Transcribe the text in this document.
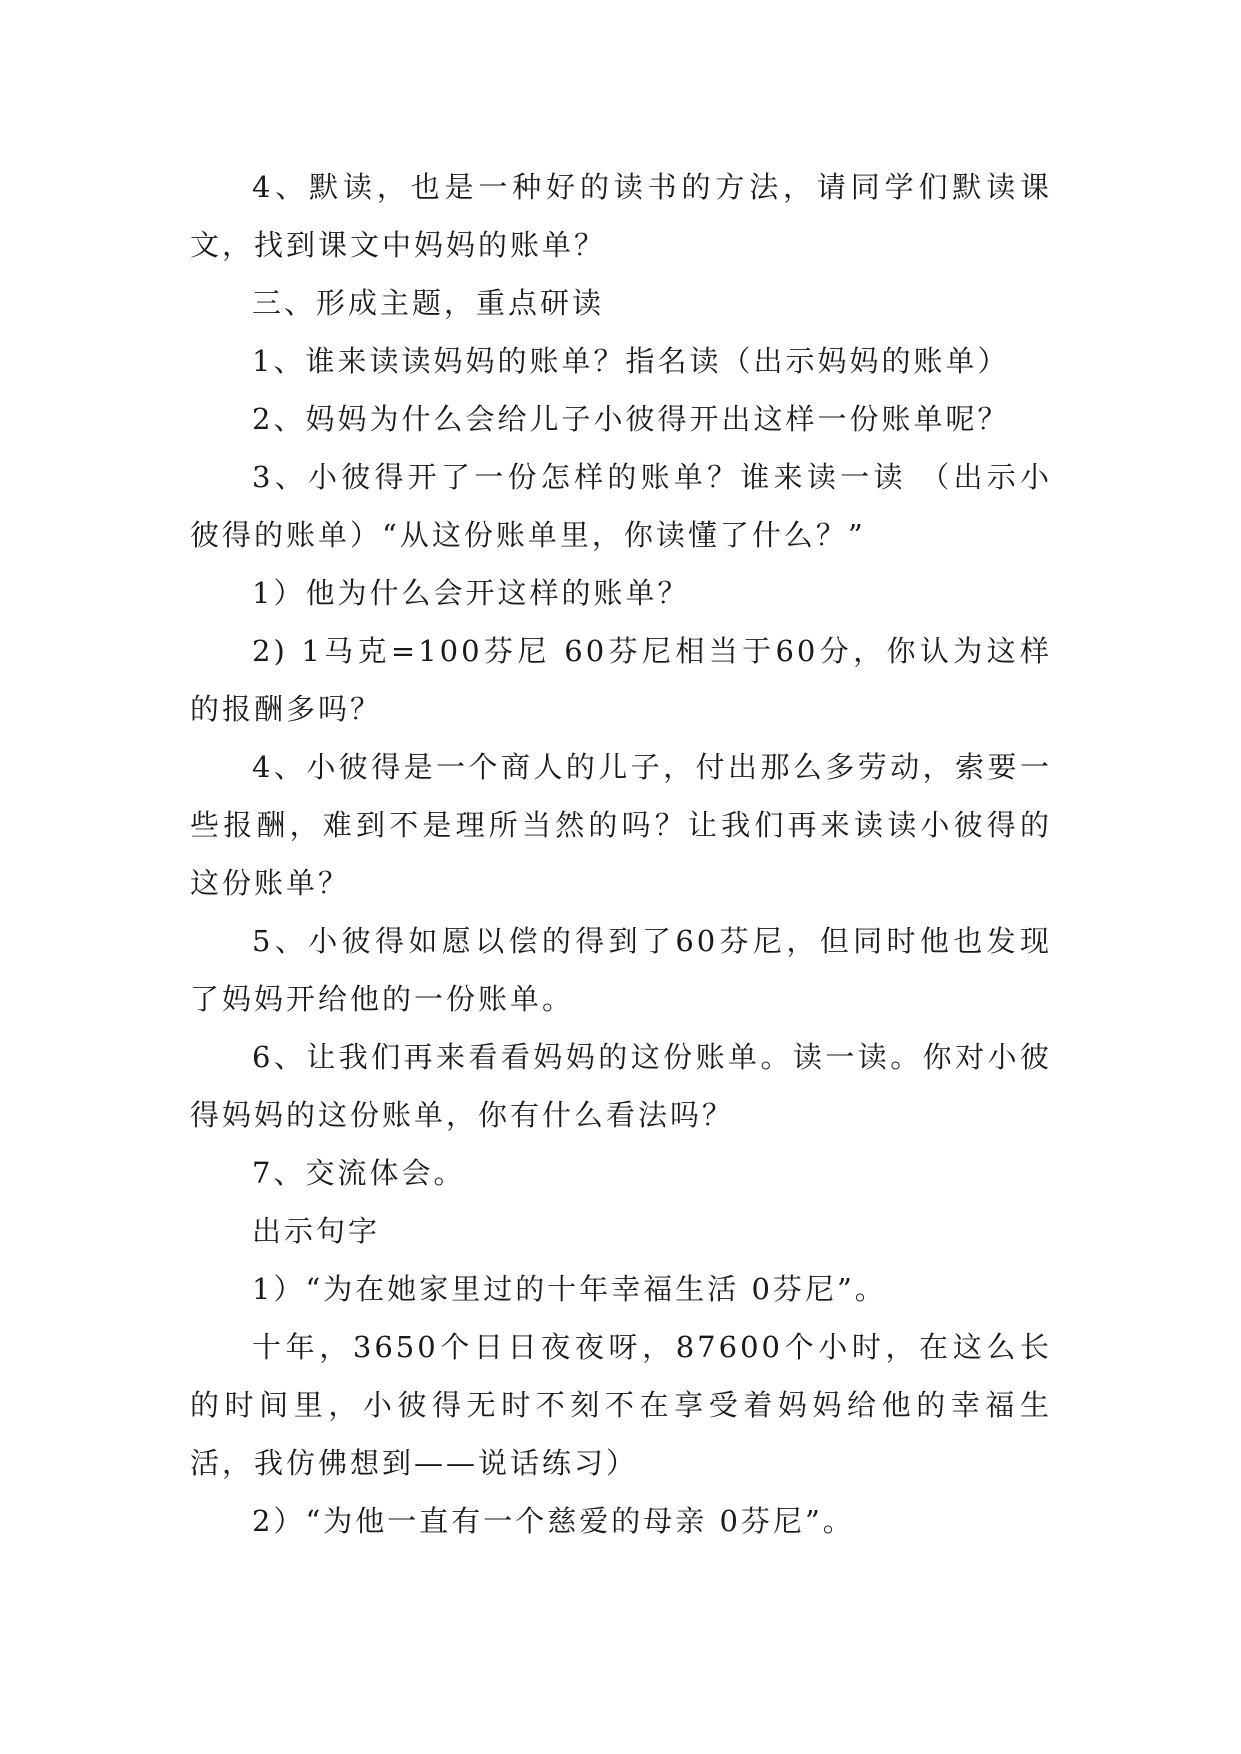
4、默读，也是一种好的读书的方法，请同学们默读课文，找到课文中妈妈的账单？

三、形成主题，重点研读

1、谁来读读妈妈的账单？指名读（出示妈妈的账单）

2、妈妈为什么会给儿子小彼得开出这样一份账单呢？

3、小彼得开了一份怎样的账单？谁来读一读 （出示小彼得的账单）“从这份账单里，你读懂了什么？”

1）他为什么会开这样的账单？

2) 1马克=100芬尼 60芬尼相当于60分，你认为这样的报酬多吗？

4、小彼得是一个商人的儿子，付出那么多劳动，索要一些报酬，难到不是理所当然的吗？让我们再来读读小彼得的这份账单？

5、小彼得如愿以偿的得到了60芬尼，但同时他也发现了妈妈开给他的一份账单。

6、让我们再来看看妈妈的这份账单。读一读。你对小彼得妈妈的这份账单，你有什么看法吗？

7、交流体会。

出示句字

1）“为在她家里过的十年幸福生活 0芬尼”。

十年，3650个日日夜夜呀，87600个小时，在这么长的时间里，小彼得无时不刻不在享受着妈妈给他的幸福生活，我仿佛想到——说话练习）

2）“为他一直有一个慈爱的母亲 0芬尼”。
